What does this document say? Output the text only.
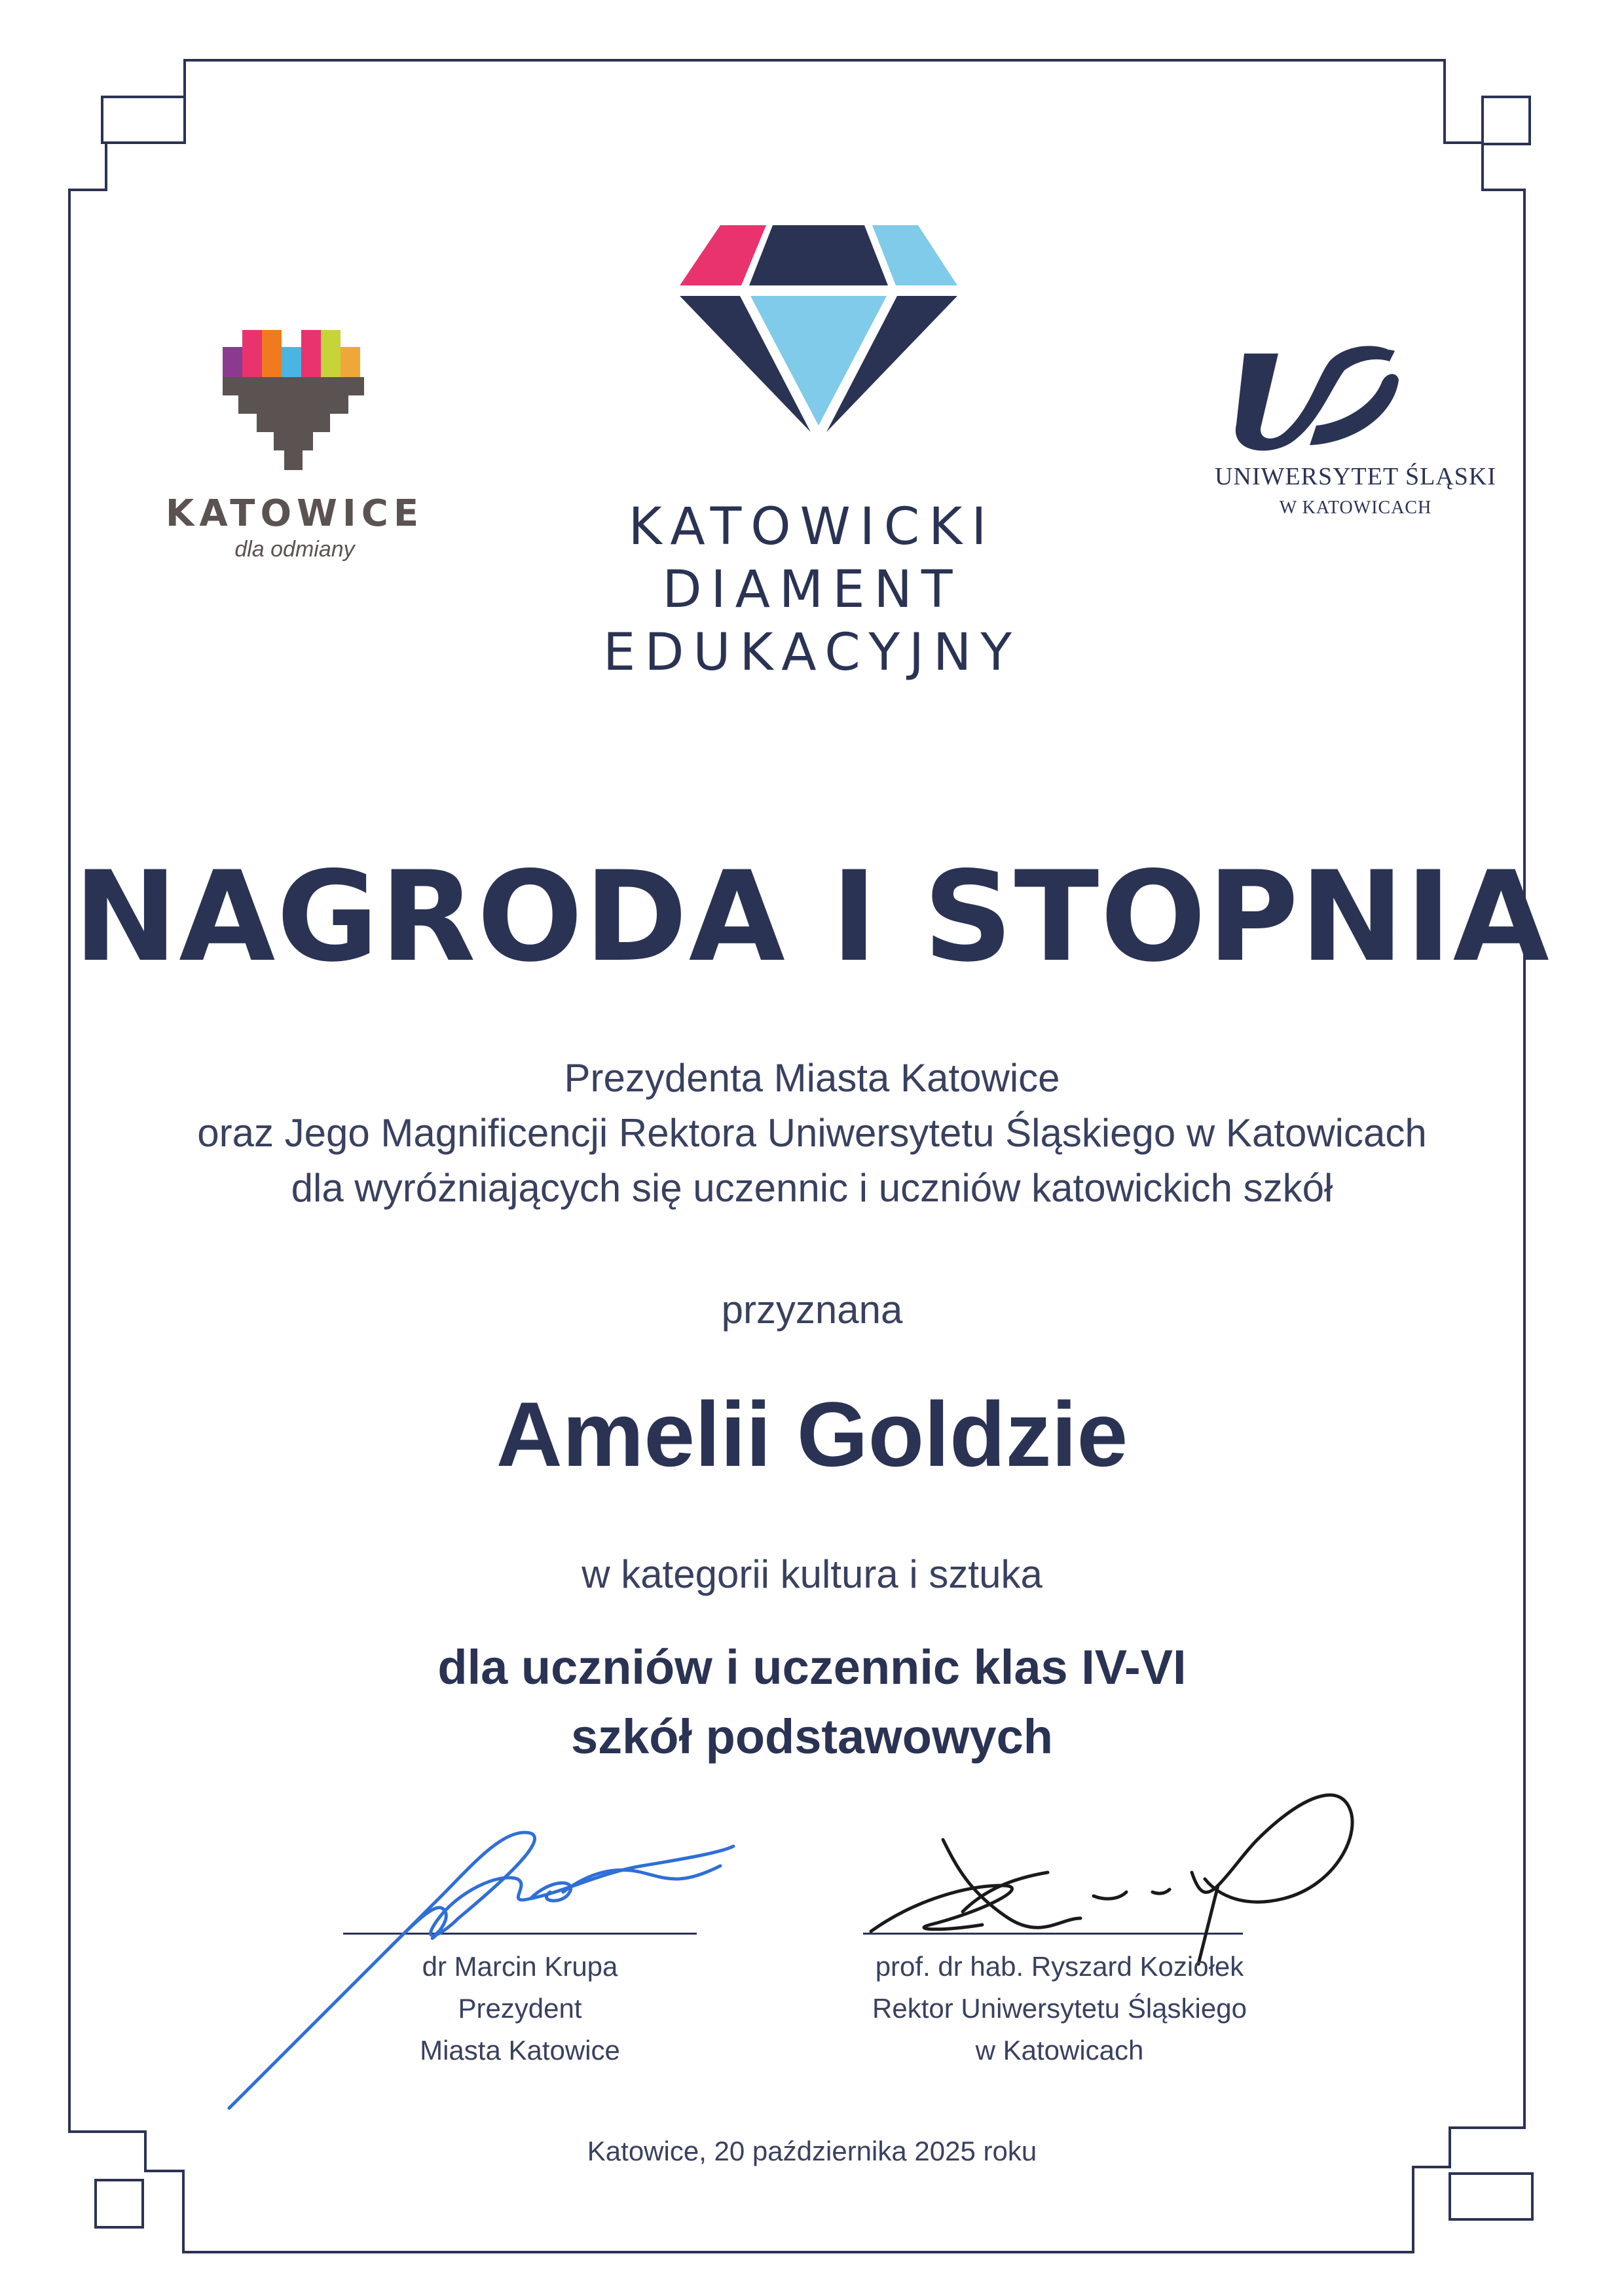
KATOWICE
dla odmiany	KATOWICKI
DIAMENT
EDUKACYJNY
UNIWERSYTET ŚLĄSKI
W KATOWICACH
NAGRODA I STOPNIA
Prezydenta Miasta Katowice
oraz Jego Magnificencji Rektora Uniwersytetu Śląskiego w Katowicach
dla wyróżniających się uczennic i uczniów katowickich szkół
przyznana
Amelii Goldzie
w kategorii kultura i sztuka
dla uczniów i uczennic klas IV-VI
szkół podstawowych
dr Marcin Krupa
Prezydent
Miasta Katowice
prof. dr hab. Ryszard Koziołek
Rektor Uniwersytetu Śląskiego
w Katowicach
Katowice, 20 października 2025 roku
